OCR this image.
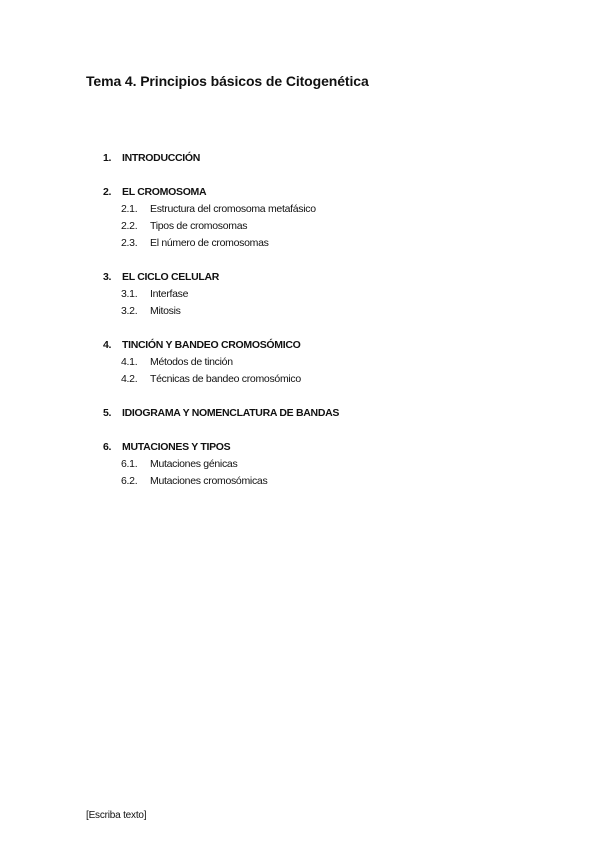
Tema 4. Principios básicos de Citogenética
1.	INTRODUCCIÓN
2.	EL CROMOSOMA
2.1.	Estructura del cromosoma metafásico
2.2.	Tipos de cromosomas
2.3.	El número de cromosomas
3.	EL CICLO CELULAR
3.1.	Interfase
3.2.	Mitosis
4.	TINCIÓN Y BANDEO CROMOSÓMICO
4.1.	Métodos de tinción
4.2.	Técnicas de bandeo cromosómico
5.	IDIOGRAMA Y NOMENCLATURA DE BANDAS
6.	MUTACIONES Y TIPOS
6.1.	Mutaciones génicas
6.2.	Mutaciones cromosómicas
[Escriba texto]
